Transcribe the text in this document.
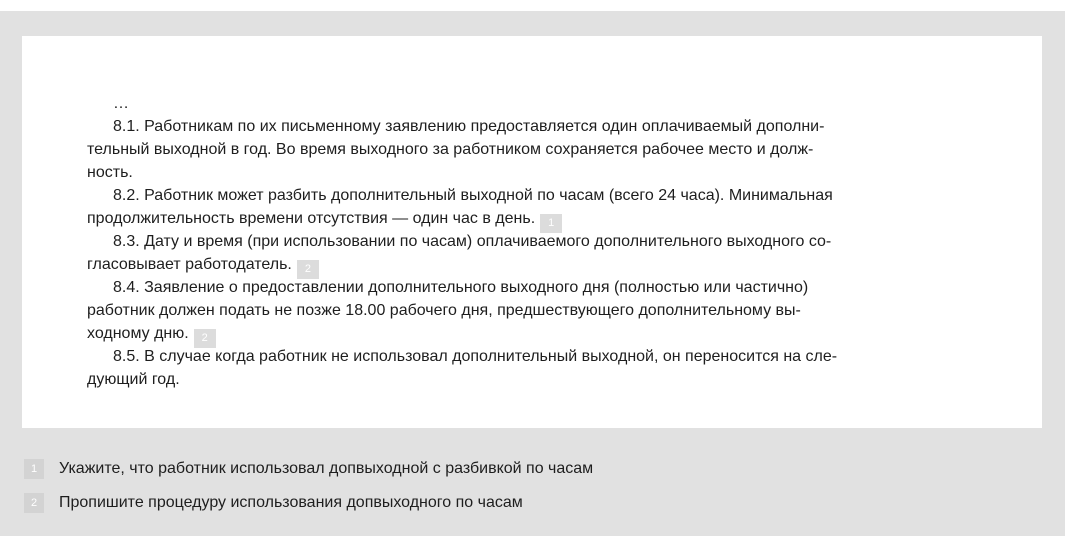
…
8.1. Работникам по их письменному заявлению предоставляется один оплачиваемый дополни-
тельный выходной в год. Во время выходного за работником сохраняется рабочее место и долж-
ность.
8.2. Работник может разбить дополнительный выходной по часам (всего 24 часа). Минимальная
продолжительность времени отсутствия — один час в день. 1
8.3. Дату и время (при использовании по часам) оплачиваемого дополнительного выходного со-
гласовывает работодатель. 2
8.4. Заявление о предоставлении дополнительного выходного дня (полностью или частично)
работник должен подать не позже 18.00 рабочего дня, предшествующего дополнительному вы-
ходному дню. 2
8.5. В случае когда работник не использовал дополнительный выходной, он переносится на сле-
дующий год.
1	Укажите, что работник использовал допвыходной с разбивкой по часам
2	Пропишите процедуру использования допвыходного по часам
